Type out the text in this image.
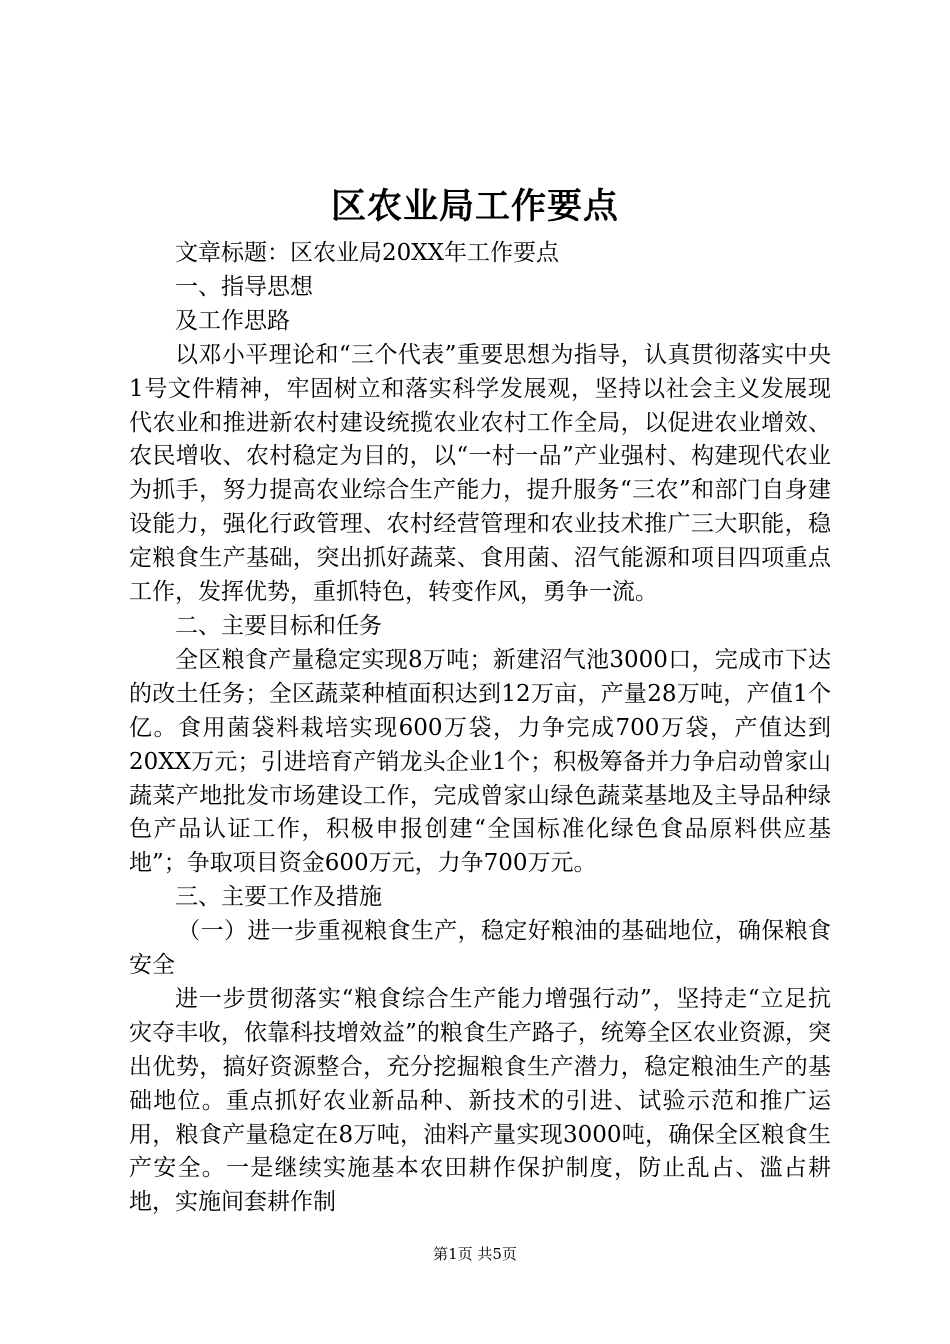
区农业局工作要点

文章标题：区农业局20XX年工作要点

一、指导思想

及工作思路

以邓小平理论和“三个代表”重要思想为指导，认真贯彻落实中央1号文件精神，牢固树立和落实科学发展观，坚持以社会主义发展现代农业和推进新农村建设统揽农业农村工作全局，以促进农业增效、农民增收、农村稳定为目的，以“一村一品”产业强村、构建现代农业为抓手，努力提高农业综合生产能力，提升服务“三农”和部门自身建设能力，强化行政管理、农村经营管理和农业技术推广三大职能，稳定粮食生产基础，突出抓好蔬菜、食用菌、沼气能源和项目四项重点工作，发挥优势，重抓特色，转变作风，勇争一流。

二、主要目标和任务

全区粮食产量稳定实现8万吨；新建沼气池3000口，完成市下达的改土任务；全区蔬菜种植面积达到12万亩，产量28万吨，产值1个亿。食用菌袋料栽培实现600万袋，力争完成700万袋，产值达到20XX万元；引进培育产销龙头企业1个；积极筹备并力争启动曾家山蔬菜产地批发市场建设工作，完成曾家山绿色蔬菜基地及主导品种绿色产品认证工作，积极申报创建“全国标准化绿色食品原料供应基地”；争取项目资金600万元，力争700万元。

三、主要工作及措施

（一）进一步重视粮食生产，稳定好粮油的基础地位，确保粮食安全

进一步贯彻落实“粮食综合生产能力增强行动”，坚持走“立足抗灾夺丰收，依靠科技增效益”的粮食生产路子，统筹全区农业资源，突出优势，搞好资源整合，充分挖掘粮食生产潜力，稳定粮油生产的基础地位。重点抓好农业新品种、新技术的引进、试验示范和推广运用，粮食产量稳定在8万吨，油料产量实现3000吨，确保全区粮食生产安全。一是继续实施基本农田耕作保护制度，防止乱占、滥占耕地，实施间套耕作制

第1页 共5页
